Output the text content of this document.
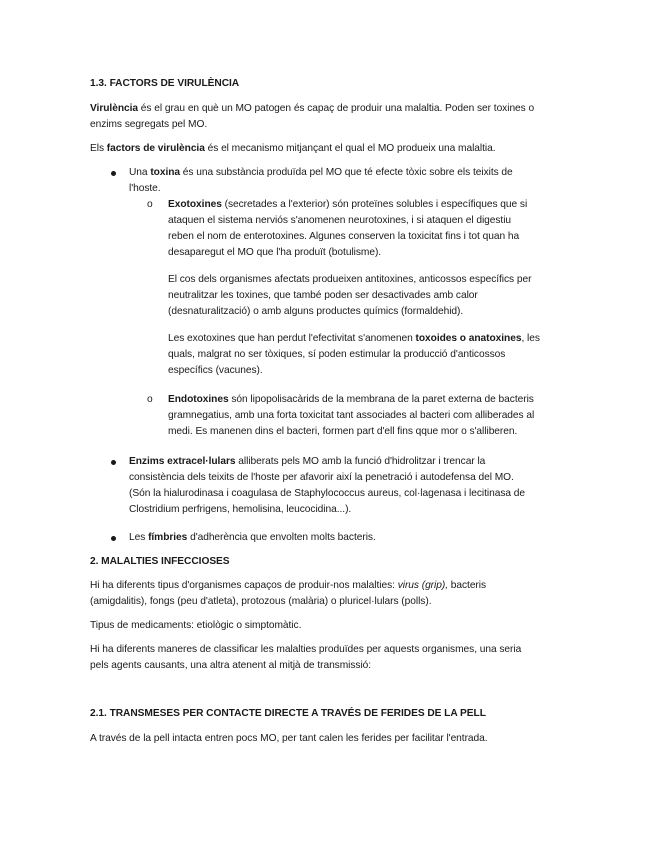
1.3. FACTORS DE VIRULÈNCIA
Virulència és el grau en què un MO patogen és capaç de produir una malaltia. Poden ser toxines o
enzims segregats pel MO.
Els factors de virulència és el mecanismo mitjançant el qual el MO produeix una malaltia.
Una toxina és una substància produïda pel MO que té efecte tòxic sobre els teixits de
l'hoste.
o Exotoxines (secretades a l'exterior) són proteïnes solubles i específiques que si
ataquen el sistema nerviós s'anomenen neurotoxines, i si ataquen el digestiu
reben el nom de enterotoxines. Algunes conserven la toxicitat fins i tot quan ha
desaparegut el MO que l'ha produït (botulisme).
El cos dels organismes afectats produeixen antitoxines, anticossos específics per
neutralitzar les toxines, que també poden ser desactivades amb calor
(desnaturalització) o amb alguns productes químics (formaldehid).
Les exotoxines que han perdut l'efectivitat s'anomenen toxoides o anatoxines, les
quals, malgrat no ser tòxiques, sí poden estimular la producció d'anticossos
específics (vacunes).
o Endotoxines són lipopolisacàrids de la membrana de la paret externa de bacteris
gramnegatius, amb una forta toxicitat tant associades al bacteri com alliberades al
medi. Es manenen dins el bacteri, formen part d'ell fins qque mor o s'alliberen.
Enzims extracel·lulars alliberats pels MO amb la funció d'hidrolitzar i trencar la
consistència dels teixits de l'hoste per afavorir així la penetració i autodefensa del MO.
(Són la hialurodinasa i coagulasa de Staphylococcus aureus, col·lagenasa i lecitinasa de
Clostridium perfrigens, hemolisina, leucocidina...).
Les fímbries d'adherència que envolten molts bacteris.
2. MALALTIES INFECCIOSES
Hi ha diferents tipus d'organismes capaços de produir-nos malalties: virus (grip), bacteris
(amigdalitis), fongs (peu d'atleta), protozous (malària) o pluricel·lulars (polls).
Tipus de medicaments: etiològic o simptomàtic.
Hi ha diferents maneres de classificar les malalties produïdes per aquests organismes, una seria
pels agents causants, una altra atenent al mitjà de transmissió:
2.1. TRANSMESES PER CONTACTE DIRECTE A TRAVÉS DE FERIDES DE LA PELL
A través de la pell intacta entren pocs MO, per tant calen les ferides per facilitar l'entrada.
